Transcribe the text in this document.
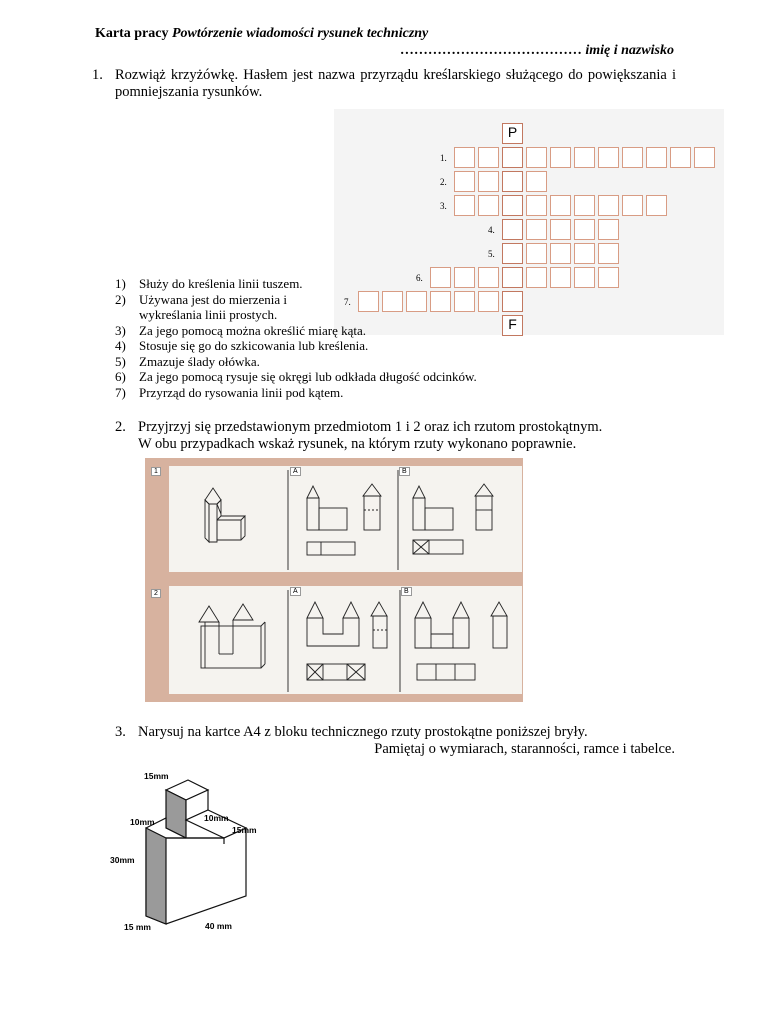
Karta pracy Powtórzenie wiadomości rysunek techniczny
………………………………… imię i nazwisko
1. Rozwiąż krzyżówkę. Hasłem jest nazwa przyrządu kreślarskiego służącego do powiększania i pomniejszania rysunków.
1.
2.
3.
4.
5.
6.
7.
P
F
1) Służy do kreślenia linii tuszem.
2) Używana jest do mierzenia i
wykreślania linii prostych.
3) Za jego pomocą można określić miarę kąta.
4) Stosuje się go do szkicowania lub kreślenia.
5) Zmazuje ślady ołówka.
6) Za jego pomocą rysuje się okręgi lub odkłada długość odcinków.
7) Przyrząd do rysowania linii pod kątem.
2. Przyjrzyj się przedstawionym przedmiotom 1 i 2 oraz ich rzutom prostokątnym.
W obu przypadkach wskaż rysunek, na którym rzuty wykonano poprawnie.
1
2
A	B
A	B
3. Narysuj na kartce A4 z bloku technicznego rzuty prostokątne poniższej bryły.
Pamiętaj o wymiarach, staranności, ramce i tabelce.
15mm
10mm	10mm
15mm
30mm
15 mm	40 mm
